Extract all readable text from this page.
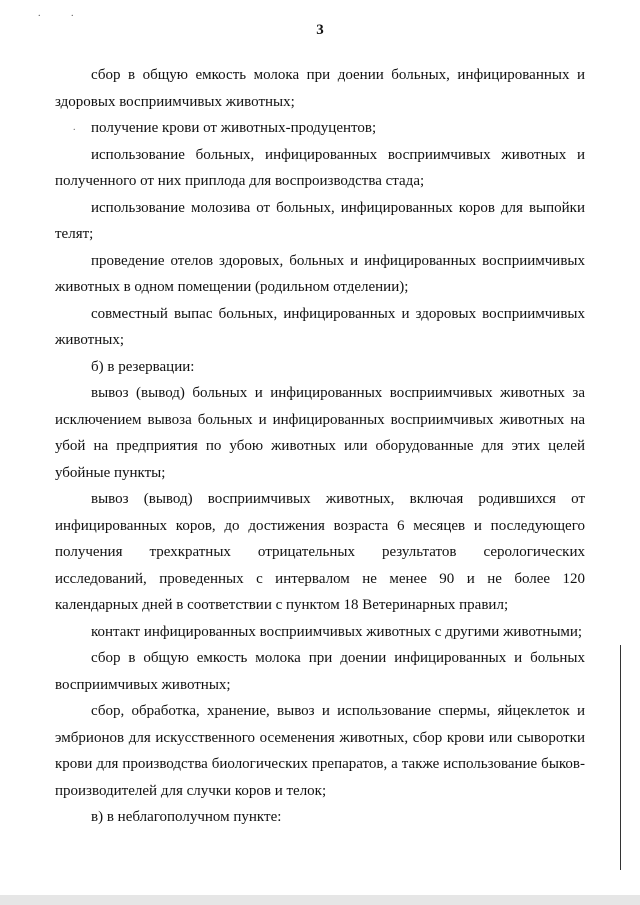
. .
3
.

сбор в общую емкость молока при доении больных, инфицированных и здоровых восприимчивых животных;

получение крови от животных-продуцентов;

использование больных, инфицированных восприимчивых животных и полученного от них приплода для воспроизводства стада;

использование молозива от больных, инфицированных коров для выпойки телят;

проведение отелов здоровых, больных и инфицированных восприимчивых животных в одном помещении (родильном отделении);

совместный выпас больных, инфицированных и здоровых восприимчивых животных;

б) в резервации:

вывоз (вывод) больных и инфицированных восприимчивых животных за исключением вывоза больных и инфицированных восприимчивых животных на убой на предприятия по убою животных или оборудованные для этих целей убойные пункты;

вывоз (вывод) восприимчивых животных, включая родившихся от инфицированных коров, до достижения возраста 6 месяцев и последующего получения трехкратных отрицательных результатов серологических исследований, проведенных с интервалом не менее 90 и не более 120 календарных дней в соответствии с пунктом 18 Ветеринарных правил;

контакт инфицированных восприимчивых животных с другими животными;

сбор в общую емкость молока при доении инфицированных и больных восприимчивых животных;

сбор, обработка, хранение, вывоз и использование спермы, яйцеклеток и эмбрионов для искусственного осеменения животных, сбор крови или сыворотки крови для производства биологических препаратов, а также использование быков-производителей для случки коров и телок;

в) в неблагополучном пункте:
